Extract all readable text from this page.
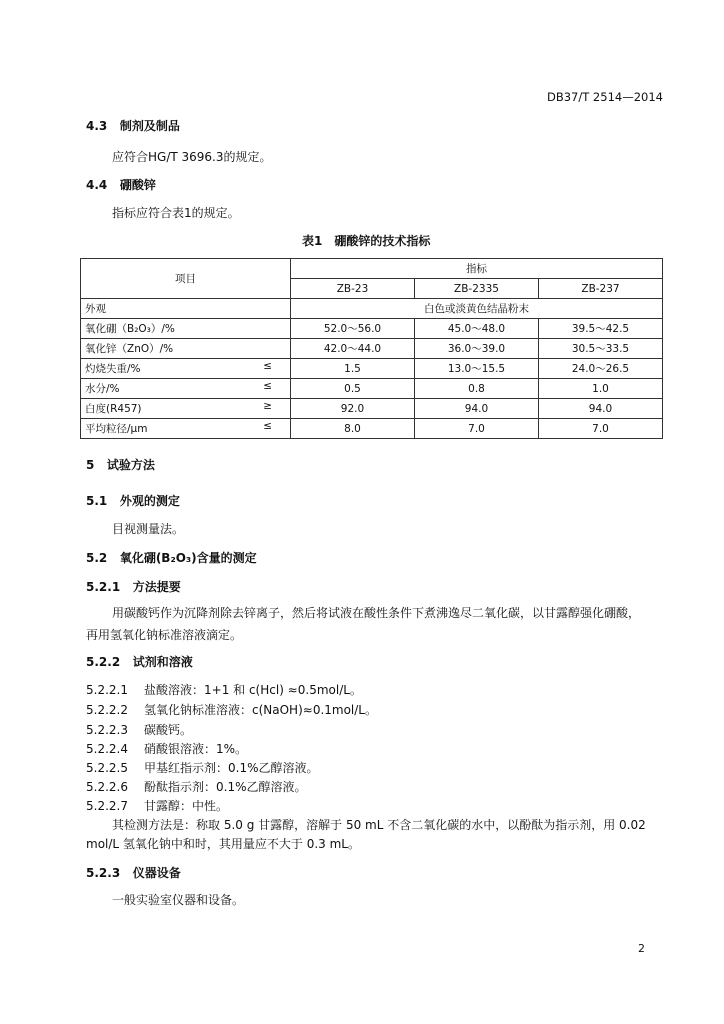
DB37/T 2514—2014
4.3 制剂及制品
应符合HG/T 3696.3的规定。
4.4 硼酸锌
指标应符合表1的规定。
表1　硼酸锌的技术指标
项目	指标		
	ZB-23	ZB-2335	ZB-237
外观	白色或淡黄色结晶粉末		
氧化硼（B₂O₃）/%	52.0～56.0	45.0～48.0	39.5～42.5
氧化锌（ZnO）/%	42.0～44.0	36.0～39.0	30.5～33.5
灼烧失重/% ≤	1.5	13.0～15.5	24.0～26.5
水分/% ≤	0.5	0.8	1.0
白度(R457) ≥	92.0	94.0	94.0
平均粒径/μm ≤	8.0	7.0	7.0
5 试验方法
5.1 外观的测定
目视测量法。
5.2 氧化硼(B₂O₃)含量的测定
5.2.1 方法提要
用碳酸钙作为沉降剂除去锌离子，然后将试液在酸性条件下煮沸逸尽二氧化碳，以甘露醇强化硼酸，
再用氢氧化钠标准溶液滴定。
5.2.2 试剂和溶液
5.2.2.1 盐酸溶液：1+1 和 c(Hcl) ≈0.5mol/L。
5.2.2.2 氢氧化钠标准溶液：c(NaOH)≈0.1mol/L。
5.2.2.3 碳酸钙。
5.2.2.4 硝酸银溶液：1%。
5.2.2.5 甲基红指示剂：0.1%乙醇溶液。
5.2.2.6 酚酞指示剂：0.1%乙醇溶液。
5.2.2.7 甘露醇：中性。
其检测方法是：称取 5.0 g 甘露醇，溶解于 50 mL 不含二氧化碳的水中，以酚酞为指示剂，用 0.02
mol/L 氢氧化钠中和时，其用量应不大于 0.3 mL。
5.2.3 仪器设备
一般实验室仪器和设备。
2
